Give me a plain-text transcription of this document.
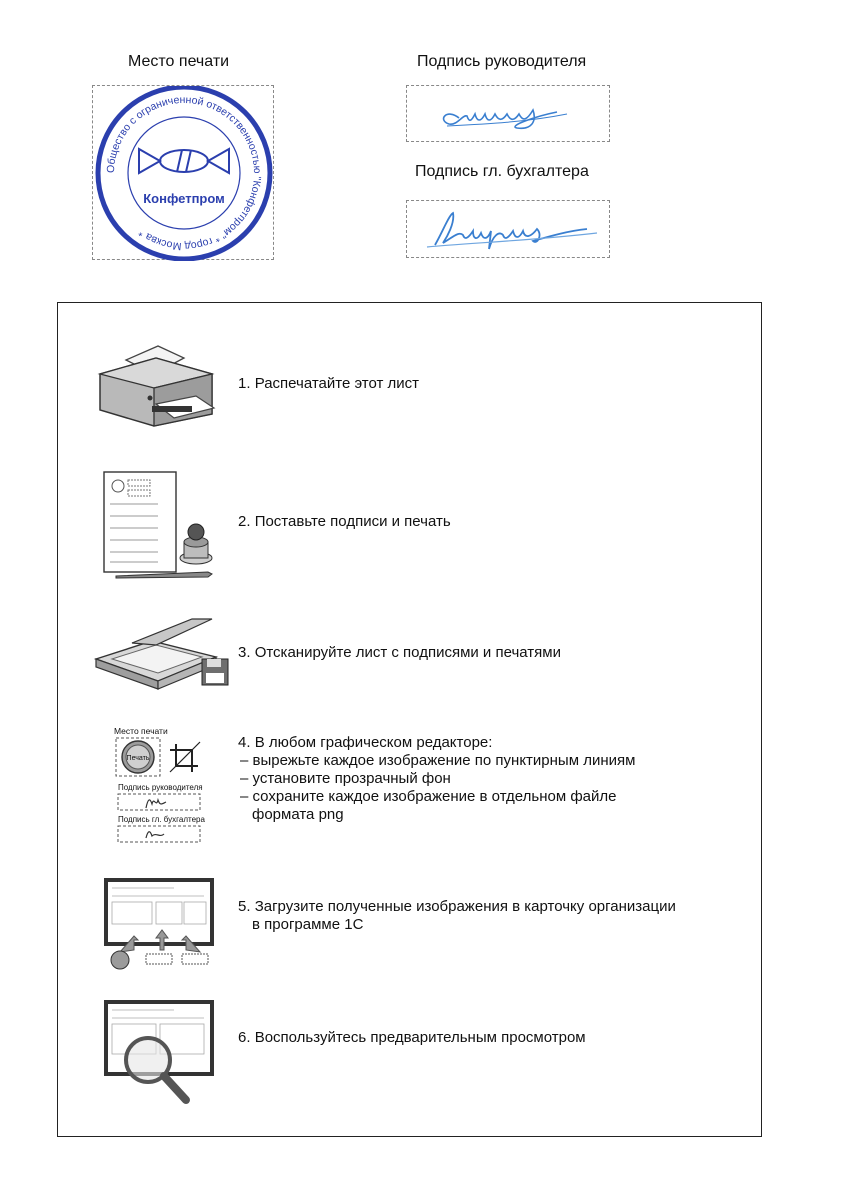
Место печати
Общество с ограниченной ответственностью "Конфетпром" * город Москва *
Конфетпром
Подпись руководителя
Подпись гл. бухгалтера
1. Распечатайте этот лист
2. Поставьте подписи и печать
3. Отсканируйте лист с подписями и печатями
Место печати
Печать
Подпись руководителя
Подпись гл. бухгалтера
4. В любом графическом редакторе:
– вырежьте каждое изображение по пунктирным линиям
– установите прозрачный фон
– сохраните каждое изображение в отдельном файле
формата png
5. Загрузите полученные изображения в карточку организации
в программе 1С
6. Воспользуйтесь предварительным просмотром
